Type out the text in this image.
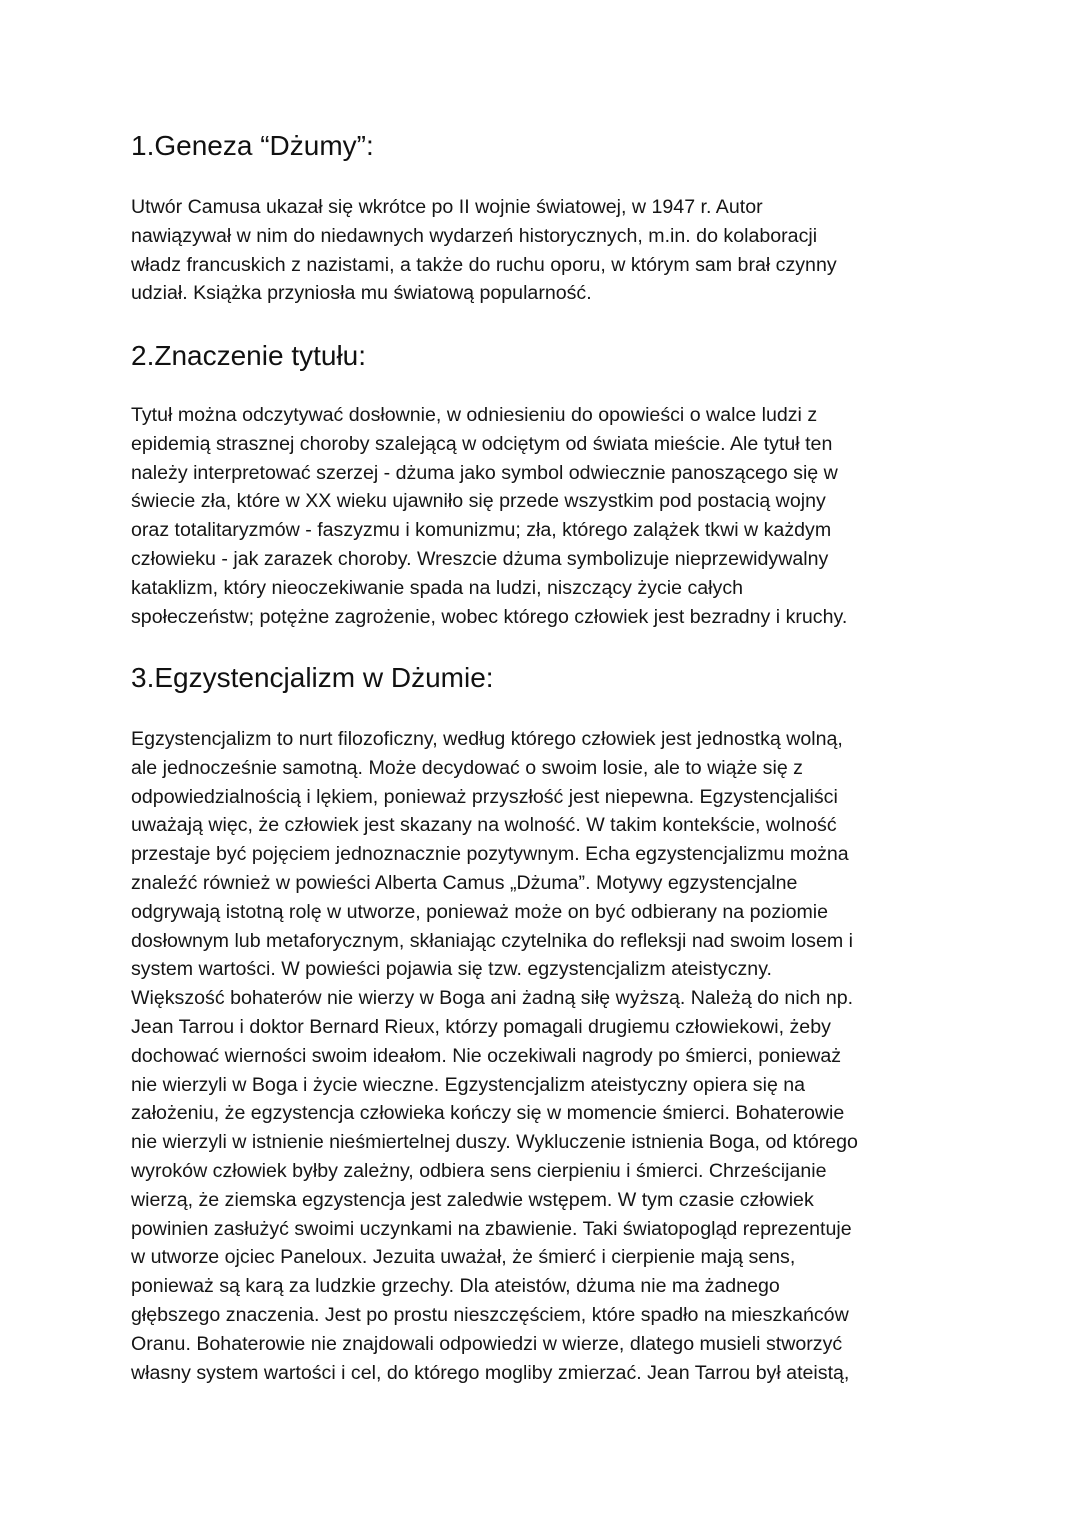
1.Geneza “Dżumy”:
Utwór Camusa ukazał się wkrótce po II wojnie światowej, w 1947 r. Autor
nawiązywał w nim do niedawnych wydarzeń historycznych, m.in. do kolaboracji
władz francuskich z nazistami, a także do ruchu oporu, w którym sam brał czynny
udział. Książka przyniosła mu światową popularność.
2.Znaczenie tytułu:
Tytuł można odczytywać dosłownie, w odniesieniu do opowieści o walce ludzi z
epidemią strasznej choroby szalejącą w odciętym od świata mieście. Ale tytuł ten
należy interpretować szerzej - dżuma jako symbol odwiecznie panoszącego się w
świecie zła, które w XX wieku ujawniło się przede wszystkim pod postacią wojny
oraz totalitaryzmów - faszyzmu i komunizmu; zła, którego zalążek tkwi w każdym
człowieku - jak zarazek choroby. Wreszcie dżuma symbolizuje nieprzewidywalny
kataklizm, który nieoczekiwanie spada na ludzi, niszczący życie całych
społeczeństw; potężne zagrożenie, wobec którego człowiek jest bezradny i kruchy.
3.Egzystencjalizm w Dżumie:
Egzystencjalizm to nurt filozoficzny, według którego człowiek jest jednostką wolną,
ale jednocześnie samotną. Może decydować o swoim losie, ale to wiąże się z
odpowiedzialnością i lękiem, ponieważ przyszłość jest niepewna. Egzystencjaliści
uważają więc, że człowiek jest skazany na wolność. W takim kontekście, wolność
przestaje być pojęciem jednoznacznie pozytywnym. Echa egzystencjalizmu można
znaleźć również w powieści Alberta Camus „Dżuma”. Motywy egzystencjalne
odgrywają istotną rolę w utworze, ponieważ może on być odbierany na poziomie
dosłownym lub metaforycznym, skłaniając czytelnika do refleksji nad swoim losem i
system wartości. W powieści pojawia się tzw. egzystencjalizm ateistyczny.
Większość bohaterów nie wierzy w Boga ani żadną siłę wyższą. Należą do nich np.
Jean Tarrou i doktor Bernard Rieux, którzy pomagali drugiemu człowiekowi, żeby
dochować wierności swoim ideałom. Nie oczekiwali nagrody po śmierci, ponieważ
nie wierzyli w Boga i życie wieczne. Egzystencjalizm ateistyczny opiera się na
założeniu, że egzystencja człowieka kończy się w momencie śmierci. Bohaterowie
nie wierzyli w istnienie nieśmiertelnej duszy. Wykluczenie istnienia Boga, od którego
wyroków człowiek byłby zależny, odbiera sens cierpieniu i śmierci. Chrześcijanie
wierzą, że ziemska egzystencja jest zaledwie wstępem. W tym czasie człowiek
powinien zasłużyć swoimi uczynkami na zbawienie. Taki światopogląd reprezentuje
w utworze ojciec Paneloux. Jezuita uważał, że śmierć i cierpienie mają sens,
ponieważ są karą za ludzkie grzechy. Dla ateistów, dżuma nie ma żadnego
głębszego znaczenia. Jest po prostu nieszczęściem, które spadło na mieszkańców
Oranu. Bohaterowie nie znajdowali odpowiedzi w wierze, dlatego musieli stworzyć
własny system wartości i cel, do którego mogliby zmierzać. Jean Tarrou był ateistą,
